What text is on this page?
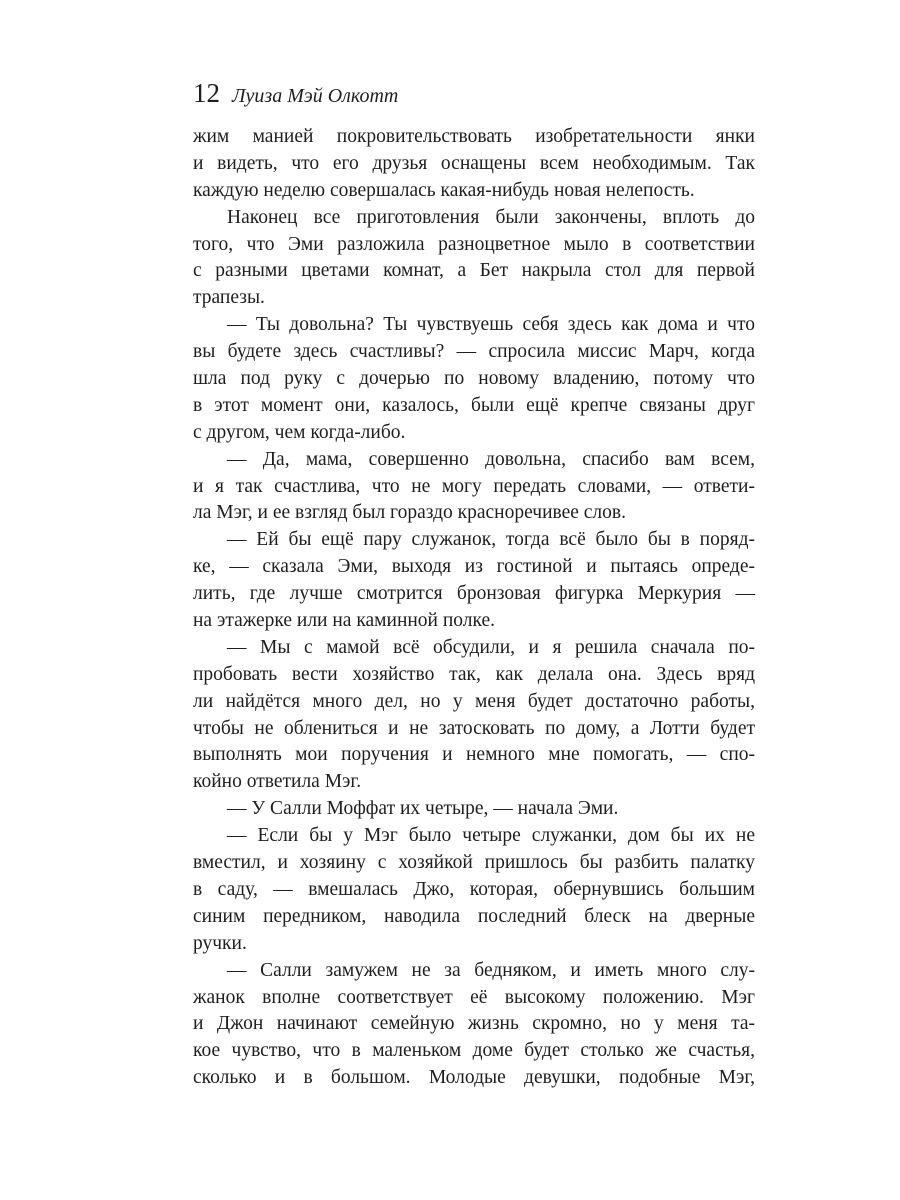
12 Луиза Мэй Олкотт
жим манией покровительствовать изобретательности янки
и видеть, что его друзья оснащены всем необходимым. Так
каждую неделю совершалась какая-нибудь новая нелепость.
Наконец все приготовления были закончены, вплоть до
того, что Эми разложила разноцветное мыло в соответствии
с разными цветами комнат, а Бет накрыла стол для первой
трапезы.
— Ты довольна? Ты чувствуешь себя здесь как дома и что
вы будете здесь счастливы? — спросила миссис Марч, когда
шла под руку с дочерью по новому владению, потому что
в этот момент они, казалось, были ещё крепче связаны друг
с другом, чем когда-либо.
— Да, мама, совершенно довольна, спасибо вам всем,
и я так счастлива, что не могу передать словами, — ответи-
ла Мэг, и ее взгляд был гораздо красноречивее слов.
— Ей бы ещё пару служанок, тогда всё было бы в поряд-
ке, — сказала Эми, выходя из гостиной и пытаясь опреде-
лить, где лучше смотрится бронзовая фигурка Меркурия —
на этажерке или на каминной полке.
— Мы с мамой всё обсудили, и я решила сначала по-
пробовать вести хозяйство так, как делала она. Здесь вряд
ли найдётся много дел, но у меня будет достаточно работы,
чтобы не облениться и не затосковать по дому, а Лотти будет
выполнять мои поручения и немного мне помогать, — спо-
койно ответила Мэг.
— У Салли Моффат их четыре, — начала Эми.
— Если бы у Мэг было четыре служанки, дом бы их не
вместил, и хозяину с хозяйкой пришлось бы разбить палатку
в саду, — вмешалась Джо, которая, обернувшись большим
синим передником, наводила последний блеск на дверные
ручки.
— Салли замужем не за бедняком, и иметь много слу-
жанок вполне соответствует её высокому положению. Мэг
и Джон начинают семейную жизнь скромно, но у меня та-
кое чувство, что в маленьком доме будет столько же счастья,
сколько и в большом. Молодые девушки, подобные Мэг,
